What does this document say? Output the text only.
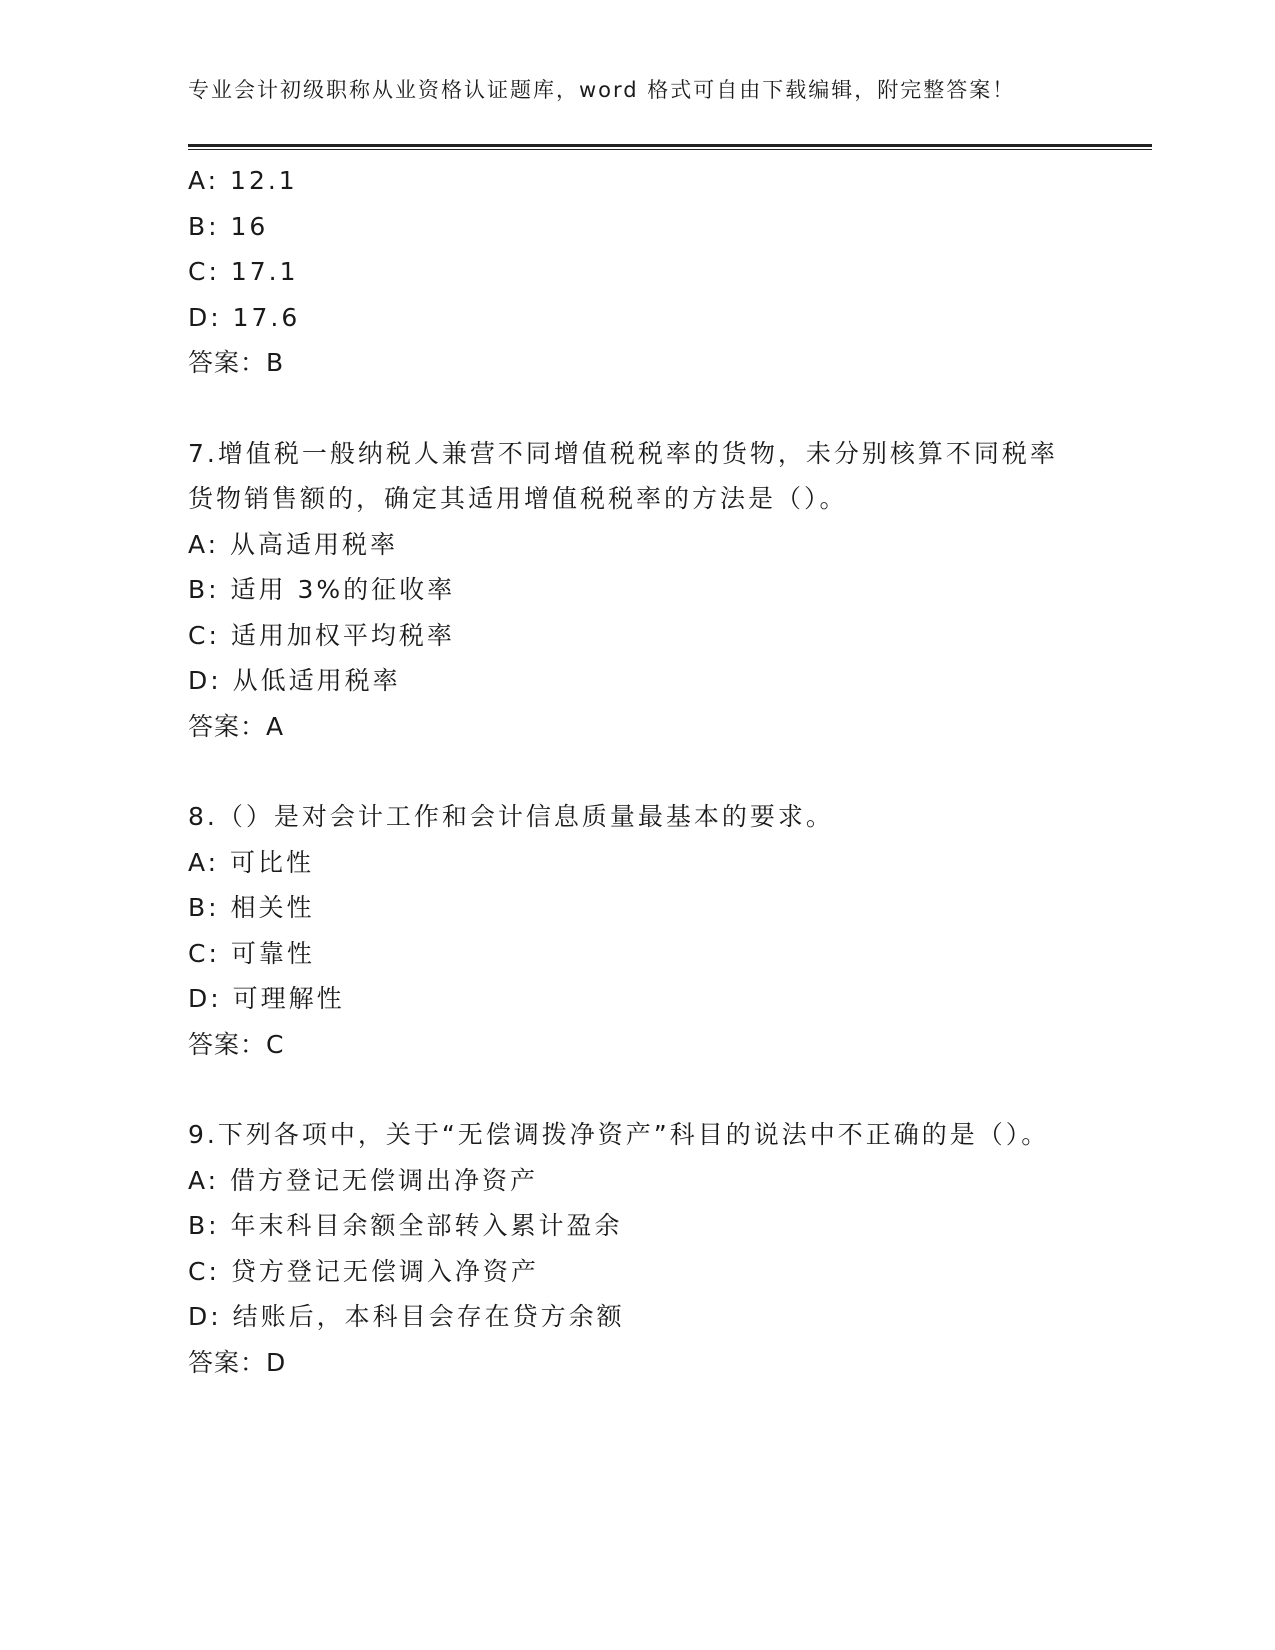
专业会计初级职称从业资格认证题库，word 格式可自由下载编辑，附完整答案！
A: 12.1
B: 16
C: 17.1
D: 17.6
答案：B
7.增值税一般纳税人兼营不同增值税税率的货物，未分别核算不同税率货物销售额的，确定其适用增值税税率的方法是（）。
A: 从高适用税率
B: 适用 3%的征收率
C: 适用加权平均税率
D: 从低适用税率
答案：A
8.（）是对会计工作和会计信息质量最基本的要求。
A: 可比性
B: 相关性
C: 可靠性
D: 可理解性
答案：C
9.下列各项中，关于“无偿调拨净资产”科目的说法中不正确的是（）。
A: 借方登记无偿调出净资产
B: 年末科目余额全部转入累计盈余
C: 贷方登记无偿调入净资产
D: 结账后，本科目会存在贷方余额
答案：D
